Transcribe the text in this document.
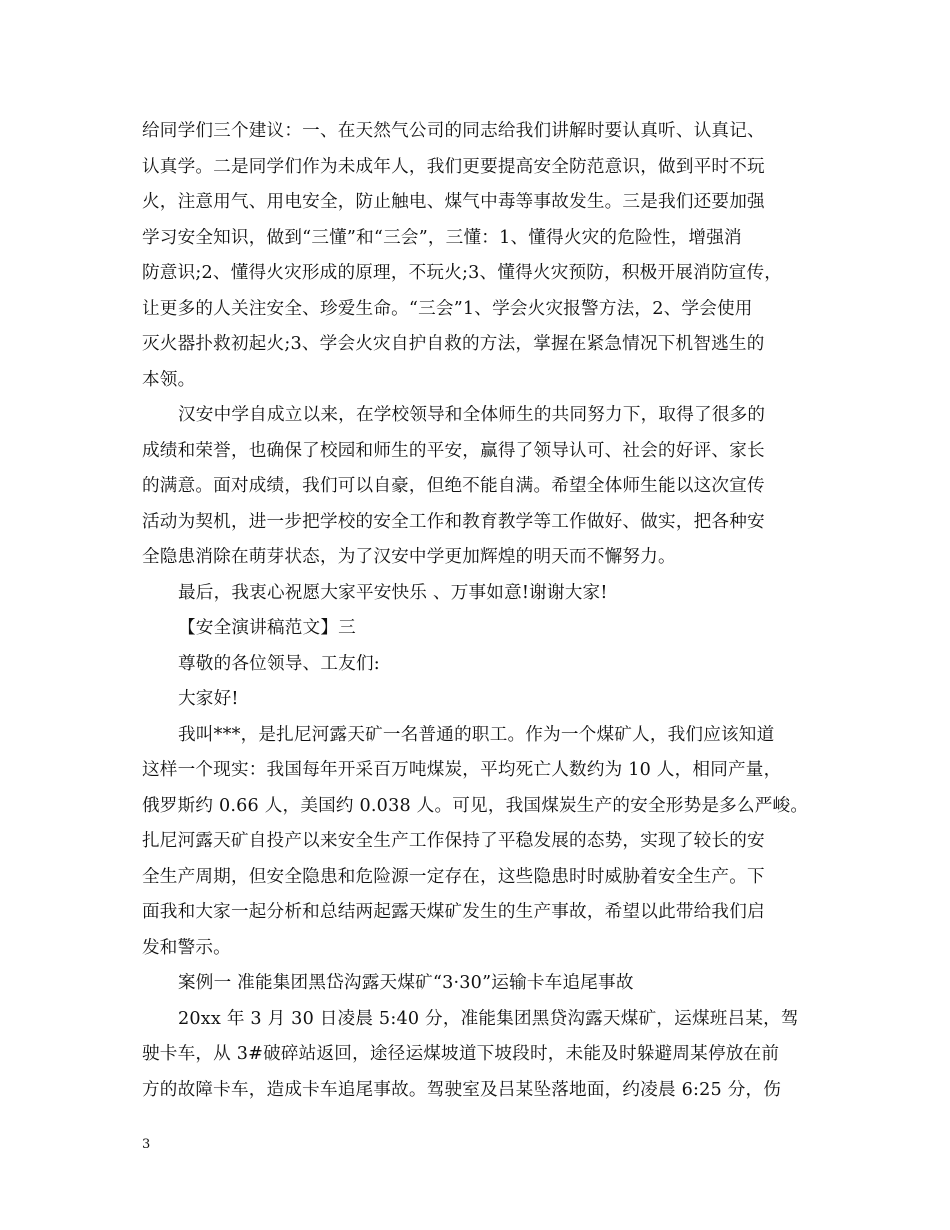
给同学们三个建议：一、在天然气公司的同志给我们讲解时要认真听、认真记、
认真学。二是同学们作为未成年人，我们更要提高安全防范意识，做到平时不玩
火，注意用气、用电安全，防止触电、煤气中毒等事故发生。三是我们还要加强
学习安全知识，做到“三懂”和“三会”，三懂：1、懂得火灾的危险性，增强消
防意识;2、懂得火灾形成的原理，不玩火;3、懂得火灾预防，积极开展消防宣传，
让更多的人关注安全、珍爱生命。“三会”1、学会火灾报警方法，2、学会使用
灭火器扑救初起火;3、学会火灾自护自救的方法，掌握在紧急情况下机智逃生的
本领。

汉安中学自成立以来，在学校领导和全体师生的共同努力下，取得了很多的
成绩和荣誉，也确保了校园和师生的平安，赢得了领导认可、社会的好评、家长
的满意。面对成绩，我们可以自豪，但绝不能自满。希望全体师生能以这次宣传
活动为契机，进一步把学校的安全工作和教育教学等工作做好、做实，把各种安
全隐患消除在萌芽状态，为了汉安中学更加辉煌的明天而不懈努力。

最后，我衷心祝愿大家平安快乐 、万事如意!谢谢大家!

【安全演讲稿范文】三

尊敬的各位领导、工友们:

大家好!

我叫***，是扎尼河露天矿一名普通的职工。作为一个煤矿人，我们应该知道
这样一个现实：我国每年开采百万吨煤炭，平均死亡人数约为 10 人，相同产量，
俄罗斯约 0.66 人，美国约 0.038 人。可见，我国煤炭生产的安全形势是多么严峻。
扎尼河露天矿自投产以来安全生产工作保持了平稳发展的态势，实现了较长的安
全生产周期，但安全隐患和危险源一定存在，这些隐患时时威胁着安全生产。下
面我和大家一起分析和总结两起露天煤矿发生的生产事故，希望以此带给我们启
发和警示。

案例一 准能集团黑岱沟露天煤矿“3·30”运输卡车追尾事故

20xx 年 3 月 30 日凌晨 5:40 分，准能集团黑贷沟露天煤矿，运煤班吕某，驾
驶卡车，从 3#破碎站返回，途径运煤坡道下坡段时，未能及时躲避周某停放在前
方的故障卡车，造成卡车追尾事故。驾驶室及吕某坠落地面，约凌晨 6:25 分，伤

3
